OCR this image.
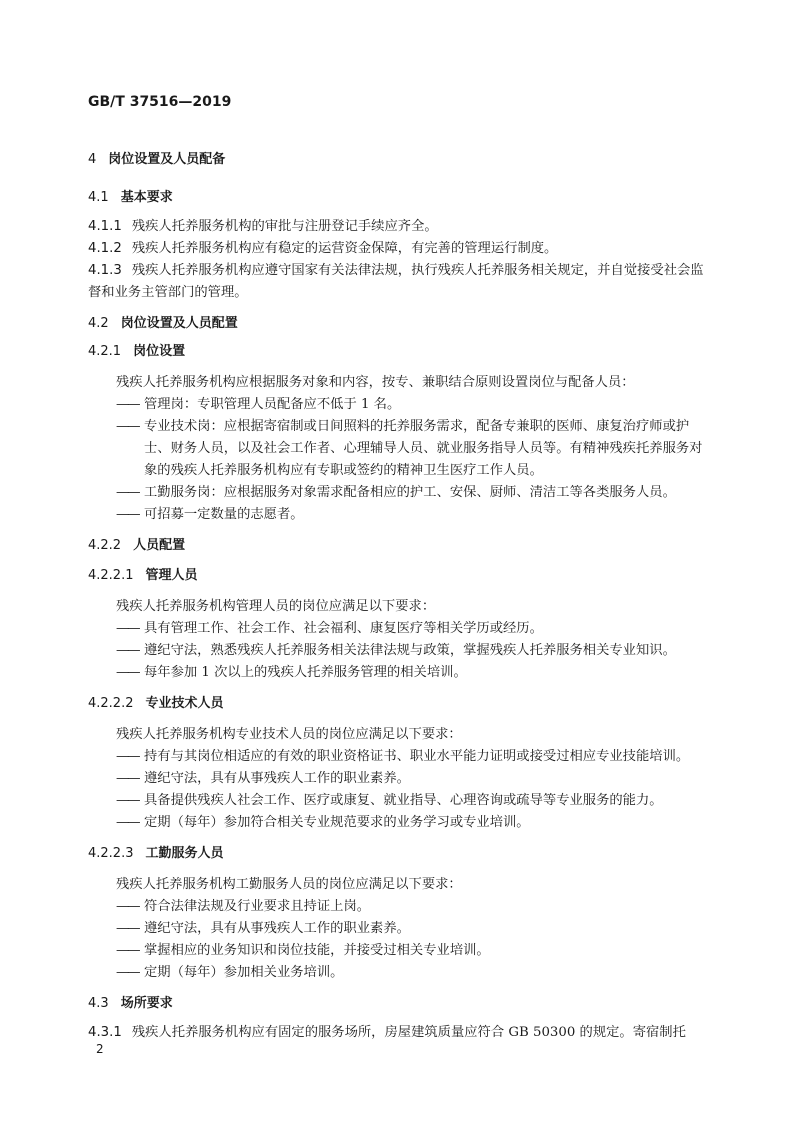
GB/T 37516—2019
4 岗位设置及人员配备
4.1 基本要求
4.1.1 残疾人托养服务机构的审批与注册登记手续应齐全。
4.1.2 残疾人托养服务机构应有稳定的运营资金保障，有完善的管理运行制度。
4.1.3 残疾人托养服务机构应遵守国家有关法律法规，执行残疾人托养服务相关规定，并自觉接受社会监督和业务主管部门的管理。
4.2 岗位设置及人员配置
4.2.1 岗位设置
残疾人托养服务机构应根据服务对象和内容，按专、兼职结合原则设置岗位与配备人员：
—— 管理岗：专职管理人员配备应不低于 1 名。
—— 专业技术岗：应根据寄宿制或日间照料的托养服务需求，配备专兼职的医师、康复治疗师或护士、财务人员，以及社会工作者、心理辅导人员、就业服务指导人员等。有精神残疾托养服务对象的残疾人托养服务机构应有专职或签约的精神卫生医疗工作人员。
—— 工勤服务岗：应根据服务对象需求配备相应的护工、安保、厨师、清洁工等各类服务人员。
—— 可招募一定数量的志愿者。
4.2.2 人员配置
4.2.2.1 管理人员
残疾人托养服务机构管理人员的岗位应满足以下要求：
—— 具有管理工作、社会工作、社会福利、康复医疗等相关学历或经历。
—— 遵纪守法，熟悉残疾人托养服务相关法律法规与政策，掌握残疾人托养服务相关专业知识。
—— 每年参加 1 次以上的残疾人托养服务管理的相关培训。
4.2.2.2 专业技术人员
残疾人托养服务机构专业技术人员的岗位应满足以下要求：
—— 持有与其岗位相适应的有效的职业资格证书、职业水平能力证明或接受过相应专业技能培训。
—— 遵纪守法，具有从事残疾人工作的职业素养。
—— 具备提供残疾人社会工作、医疗或康复、就业指导、心理咨询或疏导等专业服务的能力。
—— 定期（每年）参加符合相关专业规范要求的业务学习或专业培训。
4.2.2.3 工勤服务人员
残疾人托养服务机构工勤服务人员的岗位应满足以下要求：
—— 符合法律法规及行业要求且持证上岗。
—— 遵纪守法，具有从事残疾人工作的职业素养。
—— 掌握相应的业务知识和岗位技能，并接受过相关专业培训。
—— 定期（每年）参加相关业务培训。
4.3 场所要求
4.3.1 残疾人托养服务机构应有固定的服务场所，房屋建筑质量应符合 GB 50300 的规定。寄宿制托
2
